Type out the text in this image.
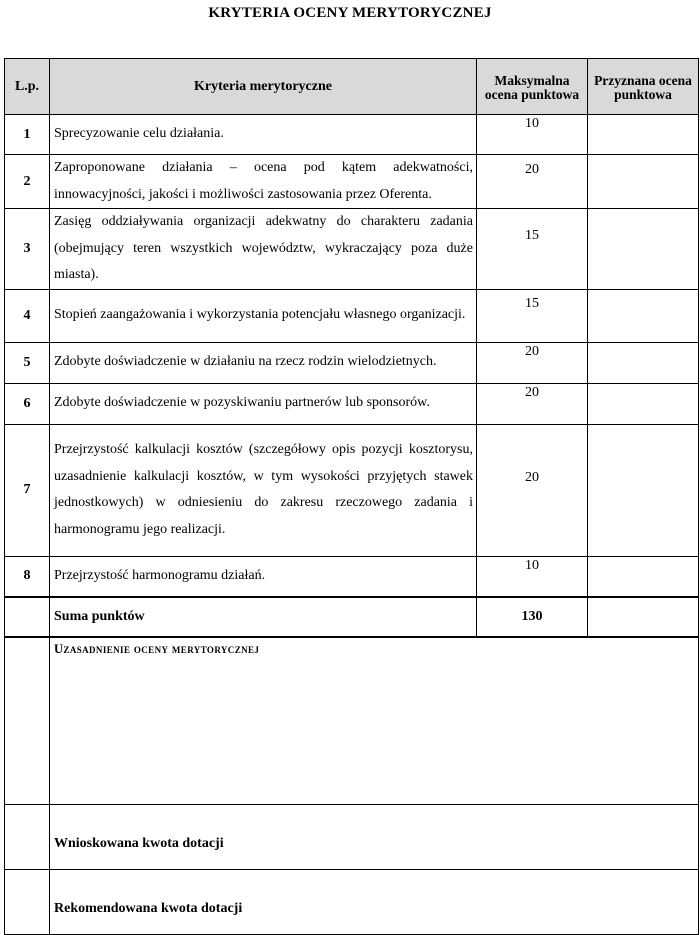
KRYTERIA OCENY MERYTORYCZNEJ
L.p.	Kryteria merytoryczne	Maksymalna ocena punktowa	Przyznana ocena punktowa
1	Sprecyzowanie celu działania.	10	
2	Zaproponowane działania – ocena pod kątem adekwatności, innowacyjności, jakości i możliwości zastosowania przez Oferenta.	20	
3	Zasięg oddziaływania organizacji adekwatny do charakteru zadania (obejmujący teren wszystkich województw, wykraczający poza duże miasta).	15	
4	Stopień zaangażowania i wykorzystania potencjału własnego organizacji.	15	
5	Zdobyte doświadczenie w działaniu na rzecz rodzin wielodzietnych.	20	
6	Zdobyte doświadczenie w pozyskiwaniu partnerów lub sponsorów.	20	
7	Przejrzystość kalkulacji kosztów (szczegółowy opis pozycji kosztorysu, uzasadnienie kalkulacji kosztów, w tym wysokości przyjętych stawek jednostkowych) w odniesieniu do zakresu rzeczowego zadania i harmonogramu jego realizacji.	20	
8	Przejrzystość harmonogramu działań.	10	
	Suma punktów	130	
	Uzasadnienie oceny merytorycznej		
	Wnioskowana kwota dotacji		
	Rekomendowana kwota dotacji		
